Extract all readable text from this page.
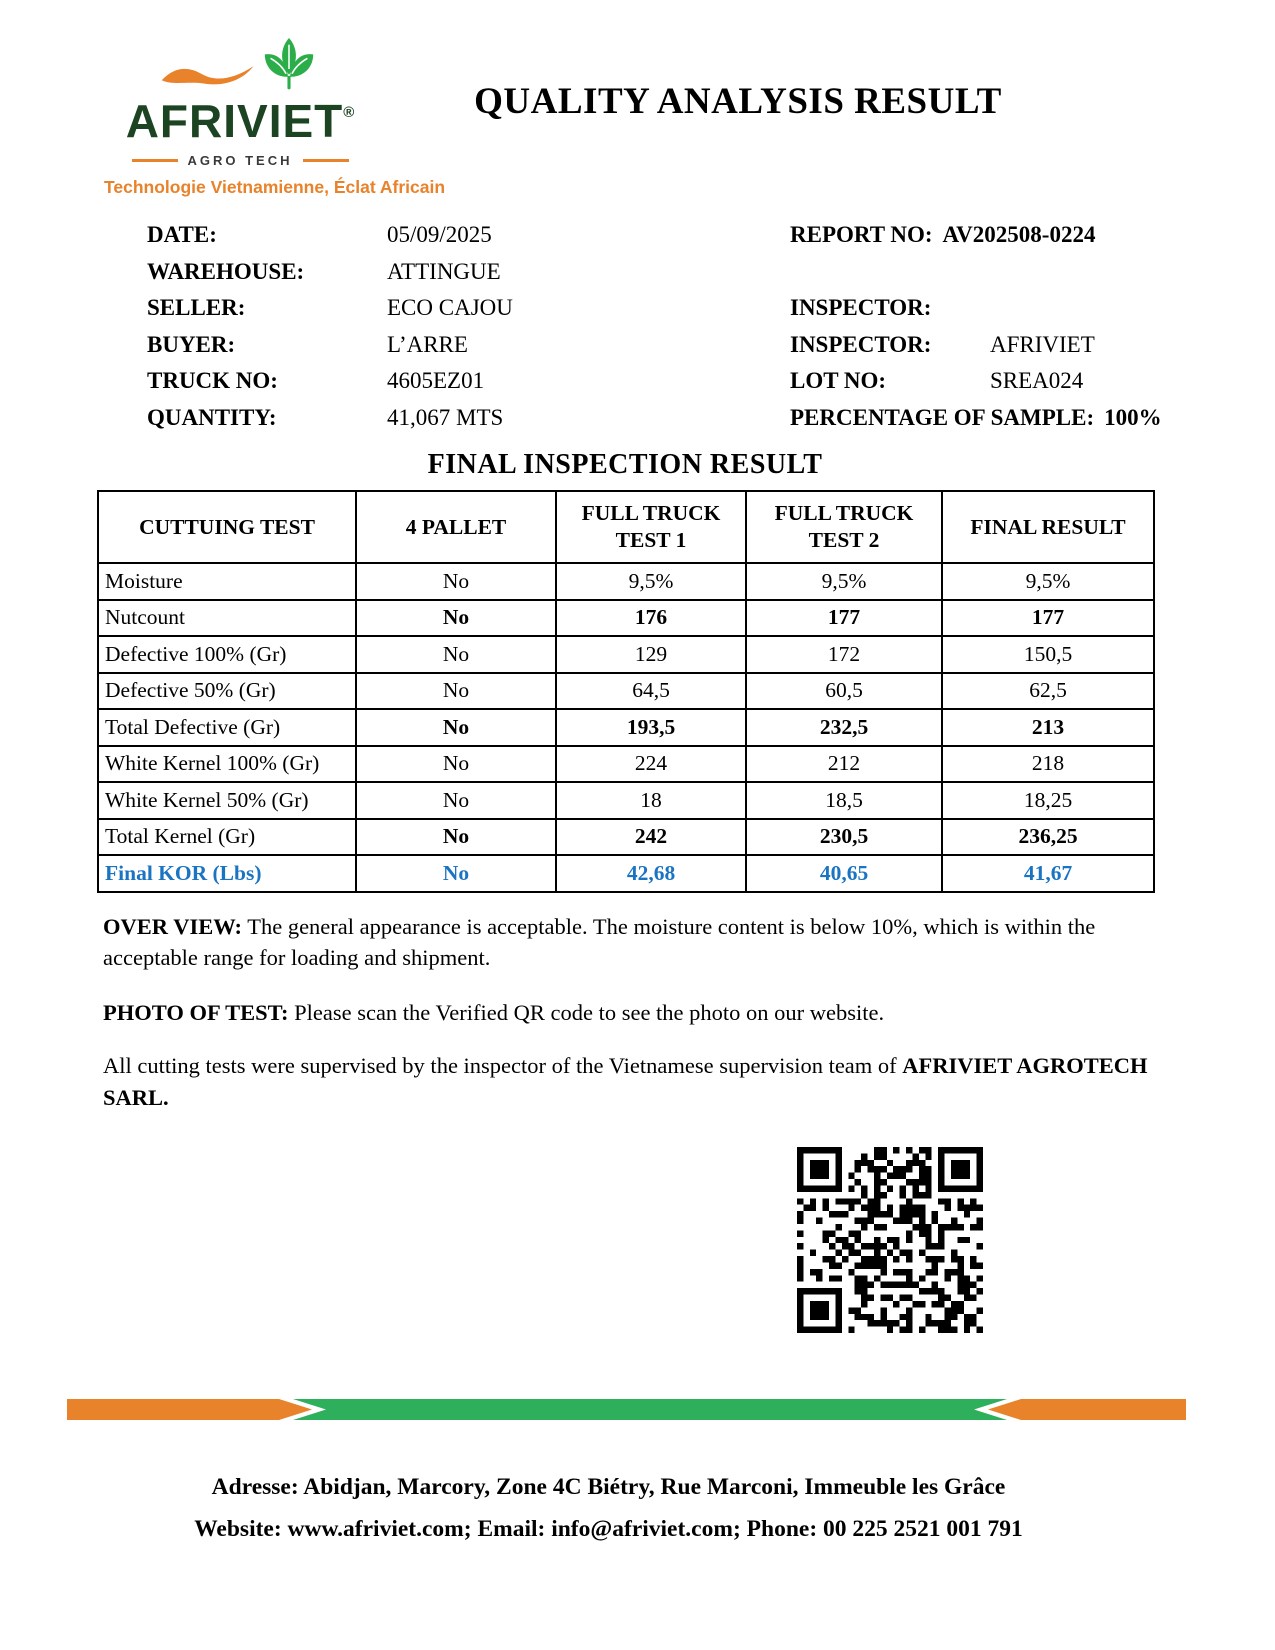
AFRIVIET®
AGRO TECH
Technologie Vietnamienne, Éclat Africain
QUALITY ANALYSIS RESULT
DATE:	05/09/2025
WAREHOUSE:	ATTINGUE
SELLER:	ECO CAJOU
BUYER:	L’ARRE
TRUCK NO:	4605EZ01
QUANTITY:	41,067 MTS
REPORT NO: AV202508-0224
INSPECTOR:
INSPECTOR:	AFRIVIET
LOT NO:	SREA024
PERCENTAGE OF SAMPLE: 100%
FINAL INSPECTION RESULT
CUTTUING TEST	4 PALLET	FULL TRUCK TEST 1	FULL TRUCK TEST 2	FINAL RESULT
Moisture	No	9,5%	9,5%	9,5%
Nutcount	No	176	177	177
Defective 100% (Gr)	No	129	172	150,5
Defective 50% (Gr)	No	64,5	60,5	62,5
Total Defective (Gr)	No	193,5	232,5	213
White Kernel 100% (Gr)	No	224	212	218
White Kernel 50% (Gr)	No	18	18,5	18,25
Total Kernel (Gr)	No	242	230,5	236,25
Final KOR (Lbs)	No	42,68	40,65	41,67

OVER VIEW: The general appearance is acceptable. The moisture content is below 10%, which is within the acceptable range for loading and shipment.

PHOTO OF TEST: Please scan the Verified QR code to see the photo on our website.

All cutting tests were supervised by the inspector of the Vietnamese supervision team of AFRIVIET AGROTECH SARL.

Adresse: Abidjan, Marcory, Zone 4C Biétry, Rue Marconi, Immeuble les Grâce
Website: www.afriviet.com; Email: info@afriviet.com; Phone: 00 225 2521 001 791
